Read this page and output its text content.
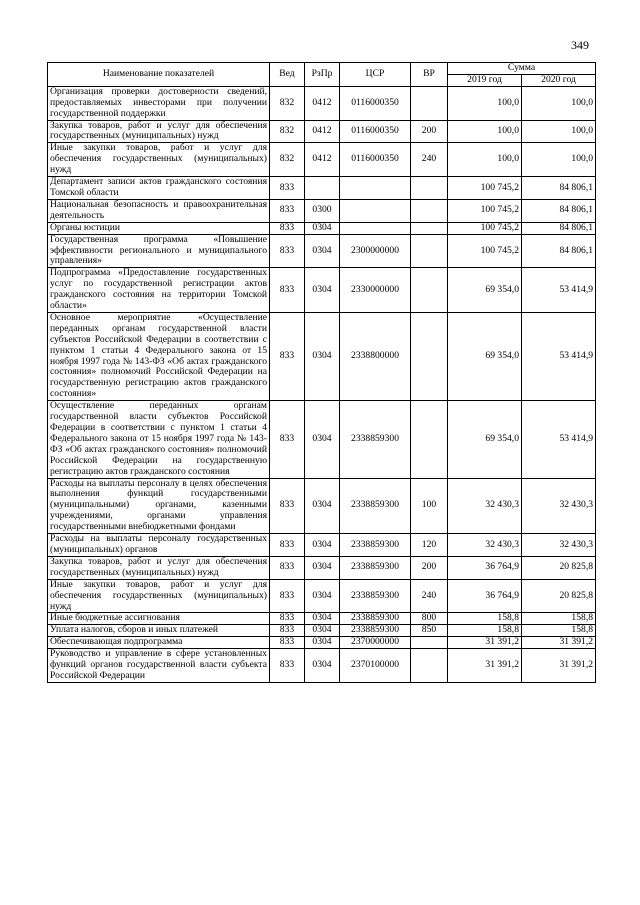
349
Наименование показателей	Вед	РзПр	ЦСР	ВР	Сумма	
					2019 год	2020 год
Организация проверки достоверности сведений, предоставляемых инвесторами при получении государственной поддержки	832	0412	0116000350		100,0	100,0
Закупка товаров, работ и услуг для обеспечения государственных (муниципальных) нужд	832	0412	0116000350	200	100,0	100,0
Иные закупки товаров, работ и услуг для обеспечения государственных (муниципальных) нужд	832	0412	0116000350	240	100,0	100,0
Департамент записи актов гражданского состояния Томской области	833				100 745,2	84 806,1
Национальная безопасность и правоохранительная деятельность	833	0300			100 745,2	84 806,1
Органы юстиции	833	0304			100 745,2	84 806,1
Государственная программа «Повышение эффективности регионального и муниципального управления»	833	0304	2300000000		100 745,2	84 806,1
Подпрограмма «Предоставление государственных услуг по государственной регистрации актов гражданского состояния на территории Томской области»	833	0304	2330000000		69 354,0	53 414,9
Основное мероприятие «Осуществление переданных органам государственной власти субъектов Российской Федерации в соответствии с пунктом 1 статьи 4 Федерального закона от 15 ноября 1997 года № 143-ФЗ «Об актах гражданского состояния» полномочий Российской Федерации на государственную регистрацию актов гражданского состояния»	833	0304	2338800000		69 354,0	53 414,9
Осуществление переданных органам государственной власти субъектов Российской Федерации в соответствии с пунктом 1 статьи 4 Федерального закона от 15 ноября 1997 года № 143-ФЗ «Об актах гражданского состояния» полномочий Российской Федерации на государственную регистрацию актов гражданского состояния	833	0304	2338859300		69 354,0	53 414,9
Расходы на выплаты персоналу в целях обеспечения выполнения функций государственными (муниципальными) органами, казенными учреждениями, органами управления государственными внебюджетными фондами	833	0304	2338859300	100	32 430,3	32 430,3
Расходы на выплаты персоналу государственных (муниципальных) органов	833	0304	2338859300	120	32 430,3	32 430,3
Закупка товаров, работ и услуг для обеспечения государственных (муниципальных) нужд	833	0304	2338859300	200	36 764,9	20 825,8
Иные закупки товаров, работ и услуг для обеспечения государственных (муниципальных) нужд	833	0304	2338859300	240	36 764,9	20 825,8
Иные бюджетные ассигнования	833	0304	2338859300	800	158,8	158,8
Уплата налогов, сборов и иных платежей	833	0304	2338859300	850	158,8	158,8
Обеспечивающая подпрограмма	833	0304	2370000000		31 391,2	31 391,2
Руководство и управление в сфере установленных функций органов государственной власти субъекта Российской Федерации	833	0304	2370100000		31 391,2	31 391,2
